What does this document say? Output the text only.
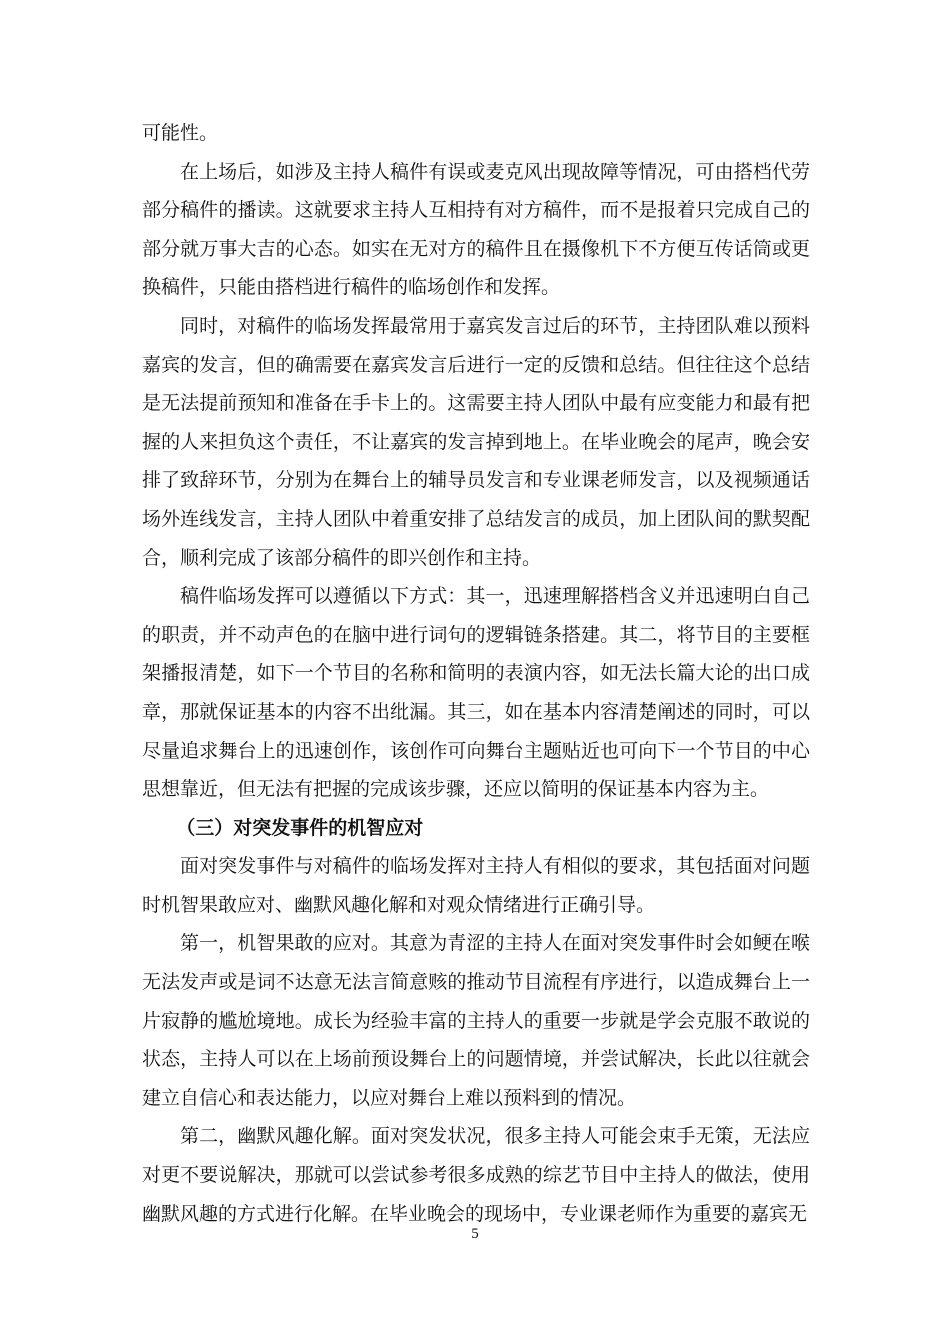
可能性。

在上场后，如涉及主持人稿件有误或麦克风出现故障等情况，可由搭档代劳部分稿件的播读。这就要求主持人互相持有对方稿件，而不是报着只完成自己的部分就万事大吉的心态。如实在无对方的稿件且在摄像机下不方便互传话筒或更换稿件，只能由搭档进行稿件的临场创作和发挥。

同时，对稿件的临场发挥最常用于嘉宾发言过后的环节，主持团队难以预料嘉宾的发言，但的确需要在嘉宾发言后进行一定的反馈和总结。但往往这个总结是无法提前预知和准备在手卡上的。这需要主持人团队中最有应变能力和最有把握的人来担负这个责任，不让嘉宾的发言掉到地上。在毕业晚会的尾声，晚会安排了致辞环节，分别为在舞台上的辅导员发言和专业课老师发言，以及视频通话场外连线发言，主持人团队中着重安排了总结发言的成员，加上团队间的默契配合，顺利完成了该部分稿件的即兴创作和主持。

稿件临场发挥可以遵循以下方式：其一，迅速理解搭档含义并迅速明白自己的职责，并不动声色的在脑中进行词句的逻辑链条搭建。其二，将节目的主要框架播报清楚，如下一个节目的名称和简明的表演内容，如无法长篇大论的出口成章，那就保证基本的内容不出纰漏。其三，如在基本内容清楚阐述的同时，可以尽量追求舞台上的迅速创作，该创作可向舞台主题贴近也可向下一个节目的中心思想靠近，但无法有把握的完成该步骤，还应以简明的保证基本内容为主。

（三）对突发事件的机智应对

面对突发事件与对稿件的临场发挥对主持人有相似的要求，其包括面对问题时机智果敢应对、幽默风趣化解和对观众情绪进行正确引导。

第一，机智果敢的应对。其意为青涩的主持人在面对突发事件时会如鲠在喉无法发声或是词不达意无法言简意赅的推动节目流程有序进行，以造成舞台上一片寂静的尴尬境地。成长为经验丰富的主持人的重要一步就是学会克服不敢说的状态，主持人可以在上场前预设舞台上的问题情境，并尝试解决，长此以往就会建立自信心和表达能力，以应对舞台上难以预料到的情况。

第二，幽默风趣化解。面对突发状况，很多主持人可能会束手无策，无法应对更不要说解决，那就可以尝试参考很多成熟的综艺节目中主持人的做法，使用幽默风趣的方式进行化解。在毕业晚会的现场中，专业课老师作为重要的嘉宾无

5
